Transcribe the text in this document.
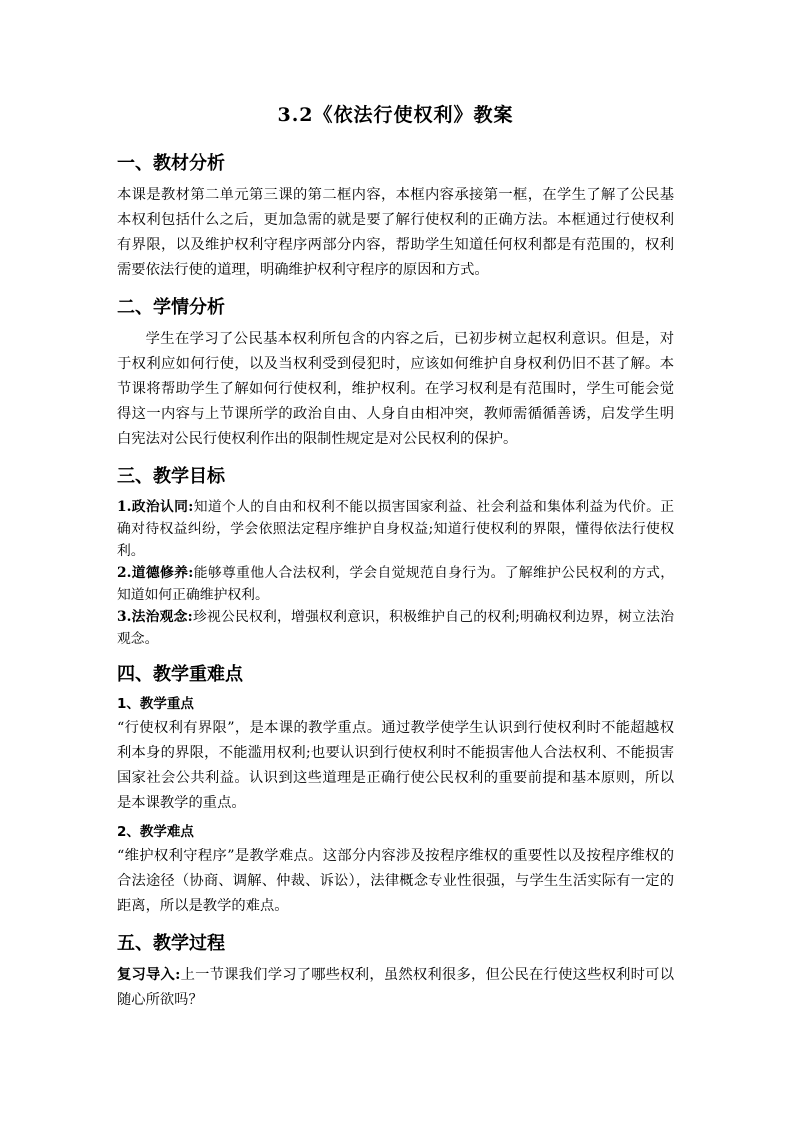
3.2《依法行使权利》教案
一、教材分析

本课是教材第二单元第三课的第二框内容，本框内容承接第一框，在学生了解了公民基本权利包括什么之后，更加急需的就是要了解行使权利的正确方法。本框通过行使权利有界限，以及维护权利守程序两部分内容，帮助学生知道任何权利都是有范围的，权利需要依法行使的道理，明确维护权利守程序的原因和方式。

二、学情分析

学生在学习了公民基本权利所包含的内容之后，已初步树立起权利意识。但是，对于权利应如何行使，以及当权利受到侵犯时，应该如何维护自身权利仍旧不甚了解。本节课将帮助学生了解如何行使权利，维护权利。在学习权利是有范围时，学生可能会觉得这一内容与上节课所学的政治自由、人身自由相冲突，教师需循循善诱，启发学生明白宪法对公民行使权利作出的限制性规定是对公民权利的保护。

三、教学目标

1.政治认同:知道个人的自由和权利不能以损害国家利益、社会利益和集体利益为代价。正确对待权益纠纷，学会依照法定程序维护自身权益;知道行使权利的界限，懂得依法行使权利。

2.道德修养:能够尊重他人合法权利，学会自觉规范自身行为。了解维护公民权利的方式，知道如何正确维护权利。

3.法治观念:珍视公民权利，增强权利意识，积极维护自己的权利;明确权利边界，树立法治观念。

四、教学重难点
1、教学重点

“行使权利有界限”，是本课的教学重点。通过教学使学生认识到行使权利时不能超越权利本身的界限，不能滥用权利;也要认识到行使权利时不能损害他人合法权利、不能损害国家社会公共利益。认识到这些道理是正确行使公民权利的重要前提和基本原则，所以是本课教学的重点。

2、教学难点

“维护权利守程序”是教学难点。这部分内容涉及按程序维权的重要性以及按程序维权的合法途径（协商、调解、仲裁、诉讼），法律概念专业性很强，与学生生活实际有一定的距离，所以是教学的难点。

五、教学过程

复习导入:上一节课我们学习了哪些权利，虽然权利很多，但公民在行使这些权利时可以随心所欲吗？
